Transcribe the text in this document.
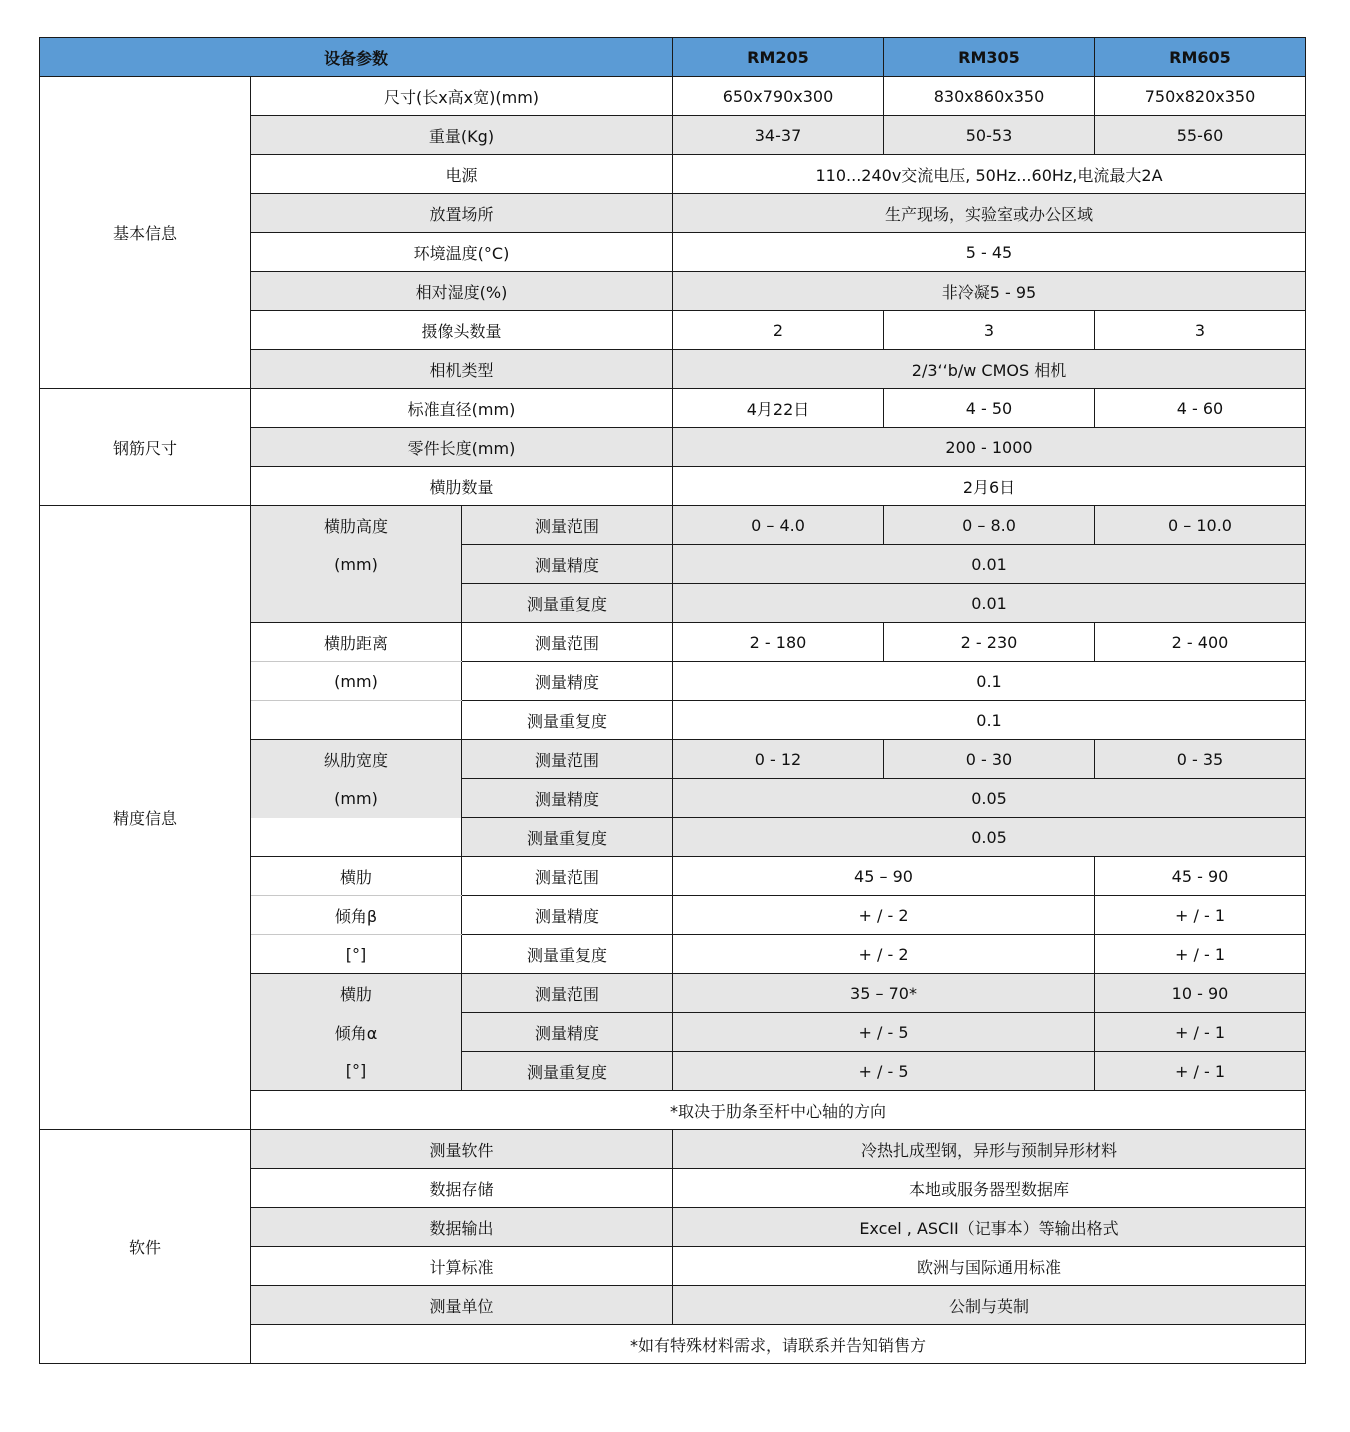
设备参数			RM205	RM305	RM605
基本信息	尺寸(长x高x宽)(mm)		650x790x300	830x860x350	750x820x350
	重量(Kg)		34-37	50-53	55-60
	电源		110...240v交流电压, 50Hz...60Hz,电流最大2A		
	放置场所		生产现场，实验室或办公区域		
	环境温度(°C)		5 - 45		
	相对湿度(%)		非冷凝5 - 95		
	摄像头数量		2	3	3
	相机类型		2/3‘‘b/w CMOS 相机		
钢筋尺寸	标准直径(mm)		4月22日	4 - 50	4 - 60
	零件长度(mm)		200 - 1000		
	横肋数量		2月6日		
精度信息	横肋高度	测量范围	0 – 4.0	0 – 8.0	0 – 10.0
	(mm)	测量精度	0.01		
		测量重复度	0.01		
	横肋距离	测量范围	2 - 180	2 - 230	2 - 400
	(mm)	测量精度	0.1		
		测量重复度	0.1		
	纵肋宽度	测量范围	0 - 12	0 - 30	0 - 35
	(mm)	测量精度	0.05		
		测量重复度	0.05		
	横肋	测量范围	45 – 90		45 - 90
	倾角β	测量精度	+ / - 2		+ / - 1
	[°]	测量重复度	+ / - 2		+ / - 1
	横肋	测量范围	35 – 70*		10 - 90
	倾角α	测量精度	+ / - 5		+ / - 1
	[°]	测量重复度	+ / - 5		+ / - 1
	*取决于肋条至杆中心轴的方向				
软件	测量软件		冷热扎成型钢，异形与预制异形材料		
	数据存储		本地或服务器型数据库		
	数据输出		Excel , ASCII（记事本）等输出格式		
	计算标准		欧洲与国际通用标准		
	测量单位		公制与英制		
	*如有特殊材料需求，请联系并告知销售方				
